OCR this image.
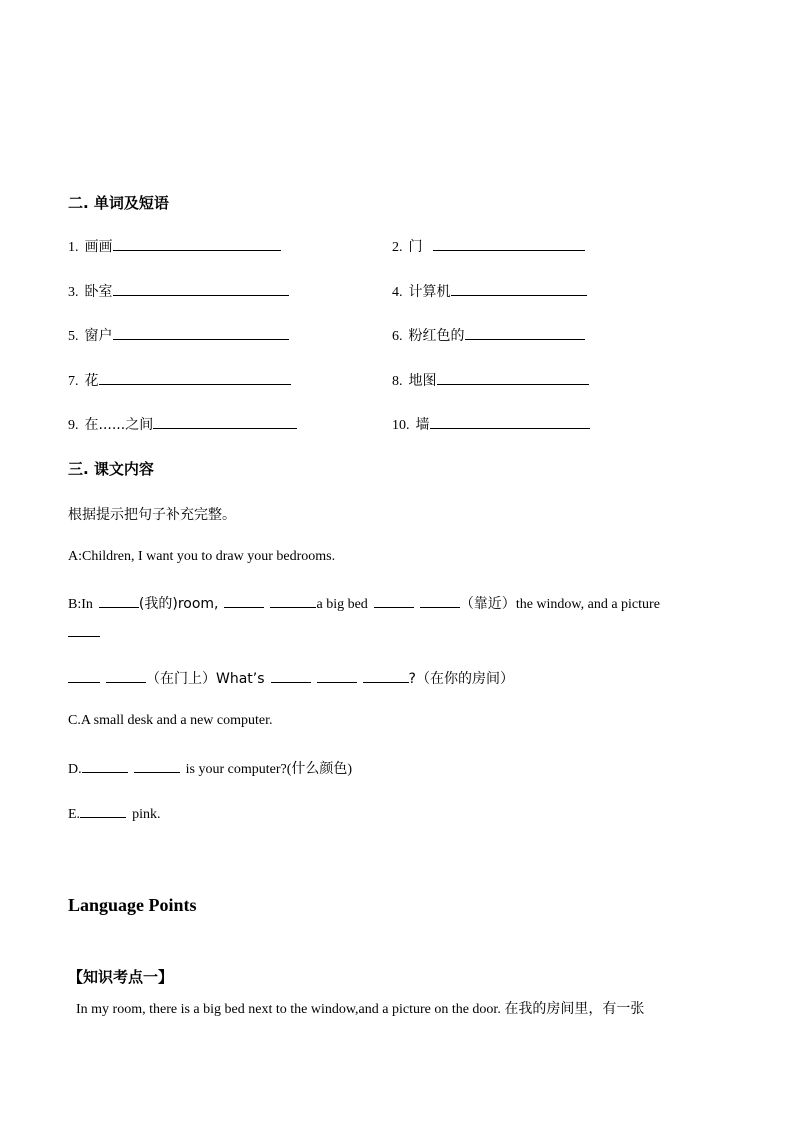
二. 单词及短语
1. 画画	2. 门
3. 卧室	4. 计算机
5. 窗户	6. 粉红色的
7. 花	8. 地图
9. 在......之间	10. 墙
三. 课文内容
根据提示把句子补充完整。
A:Children, I want you to draw your bedrooms.
B:In	(我的)room,	a big bed	（靠近）the window, and a picture
（在门上）What’s	?（在你的房间）
C.A small desk and a new computer.
D.	is your computer?(什么颜色)
E.	pink.
Language Points
【知识考点一】
In my room, there is a big bed next to the window,and a picture on the door. 在我的房间里，有一张
